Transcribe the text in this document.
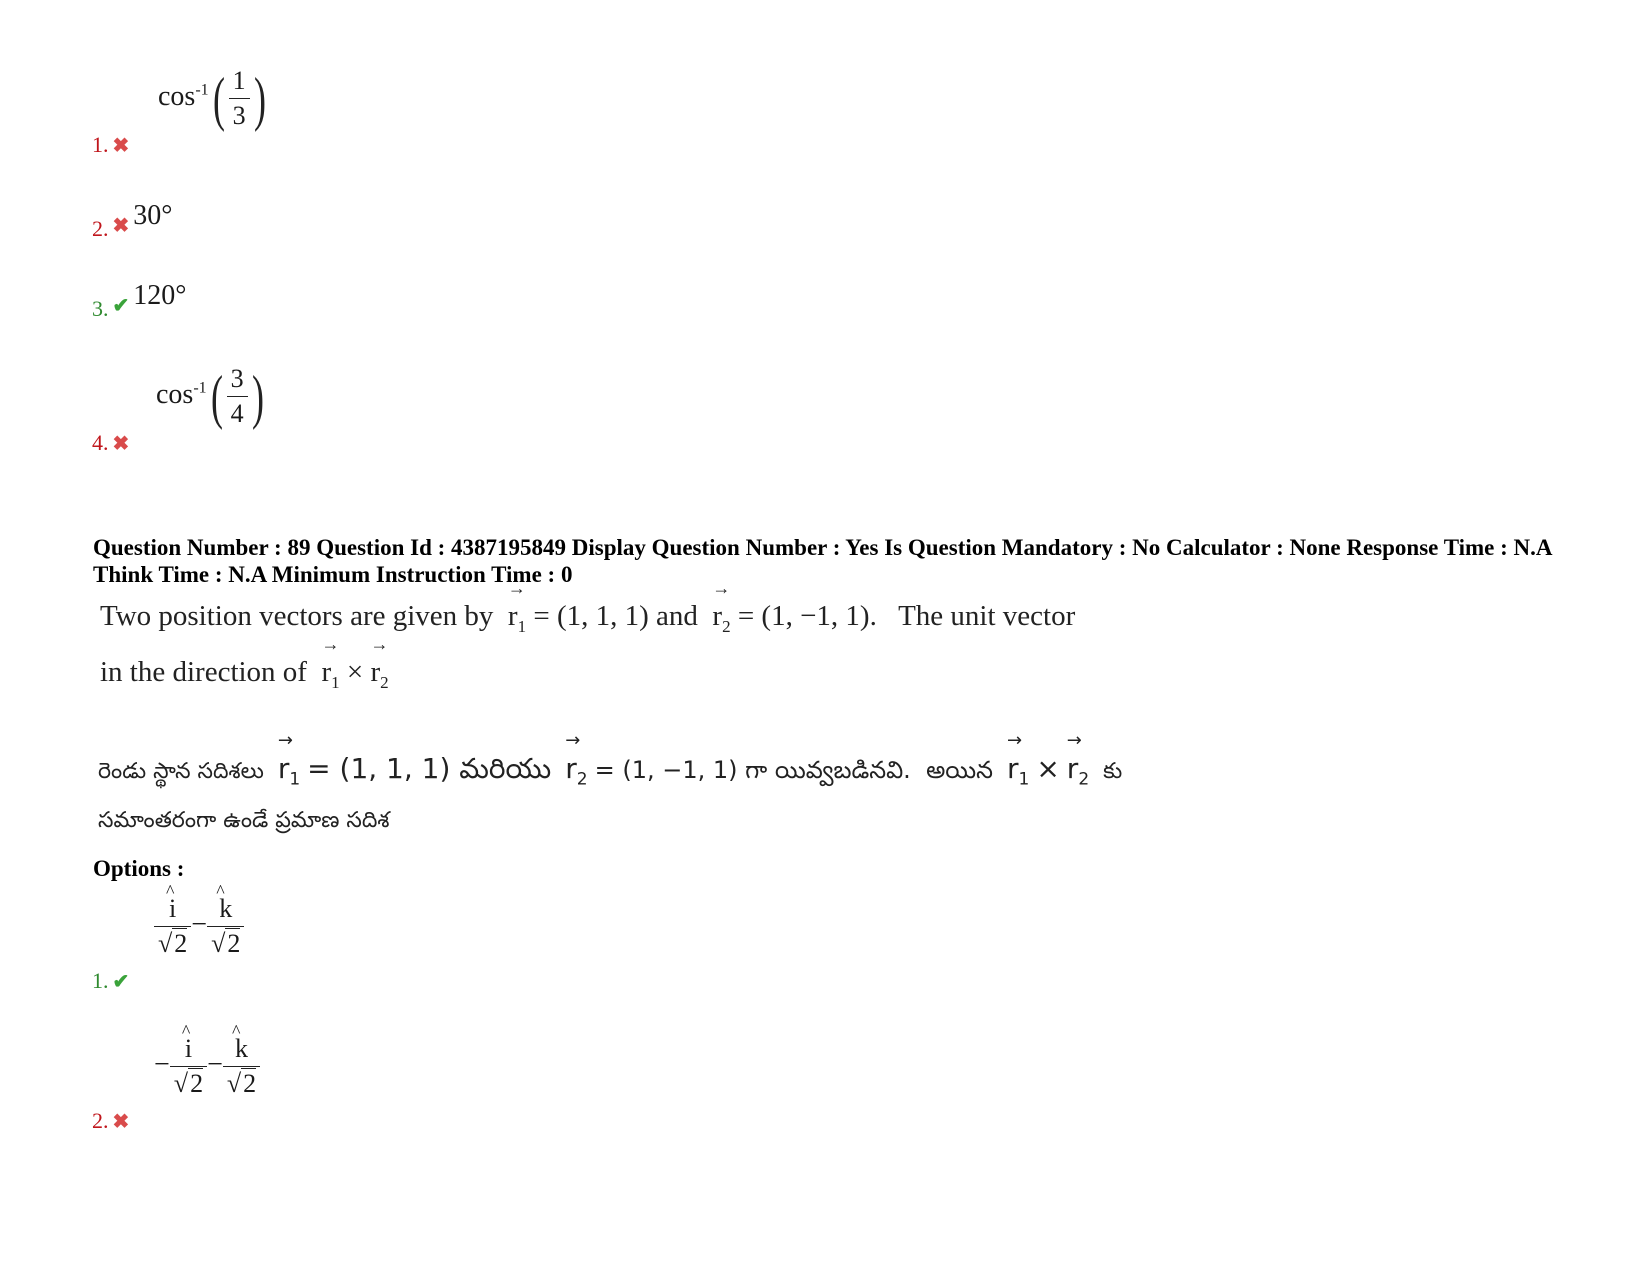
1. ✖
$\cos^{-1}( \frac{1}{3}$ )
2. ✖ 30°
3. ✔ 120°
4. ✖
$\cos^{-1}( \frac{3}{4}$ )
Question Number : 89 Question Id : 4387195849 Display Question Number : Yes Is Question Mandatory : No Calculator : None Response Time : N.A Think Time : N.A Minimum Instruction Time : 0
Two position vectors are given by → $r_1 = (1$, 1, 1) and → $r_2 = (1$, −1, 1).   The unit vector
in the direction of → $r_1$ × → $r_2$
రెండు స్థాన సదిశలు → $r_1 = (1$, 1, 1) మరియు → $r_2 = (1$, −1, 1) గా యివ్వబడినవి.  అయిన → $r_1$ × → $r_2$ కు
సమాంతరంగా ఉండే ప్రమాణ సదిశ
Options :
1. ✔
^ $\frac{i}{√2}$ − ^ $\frac{k}{√2}$
2. ✖
− ^ $\frac{i}{√2}$ − ^ $\frac{k}{√2}$
